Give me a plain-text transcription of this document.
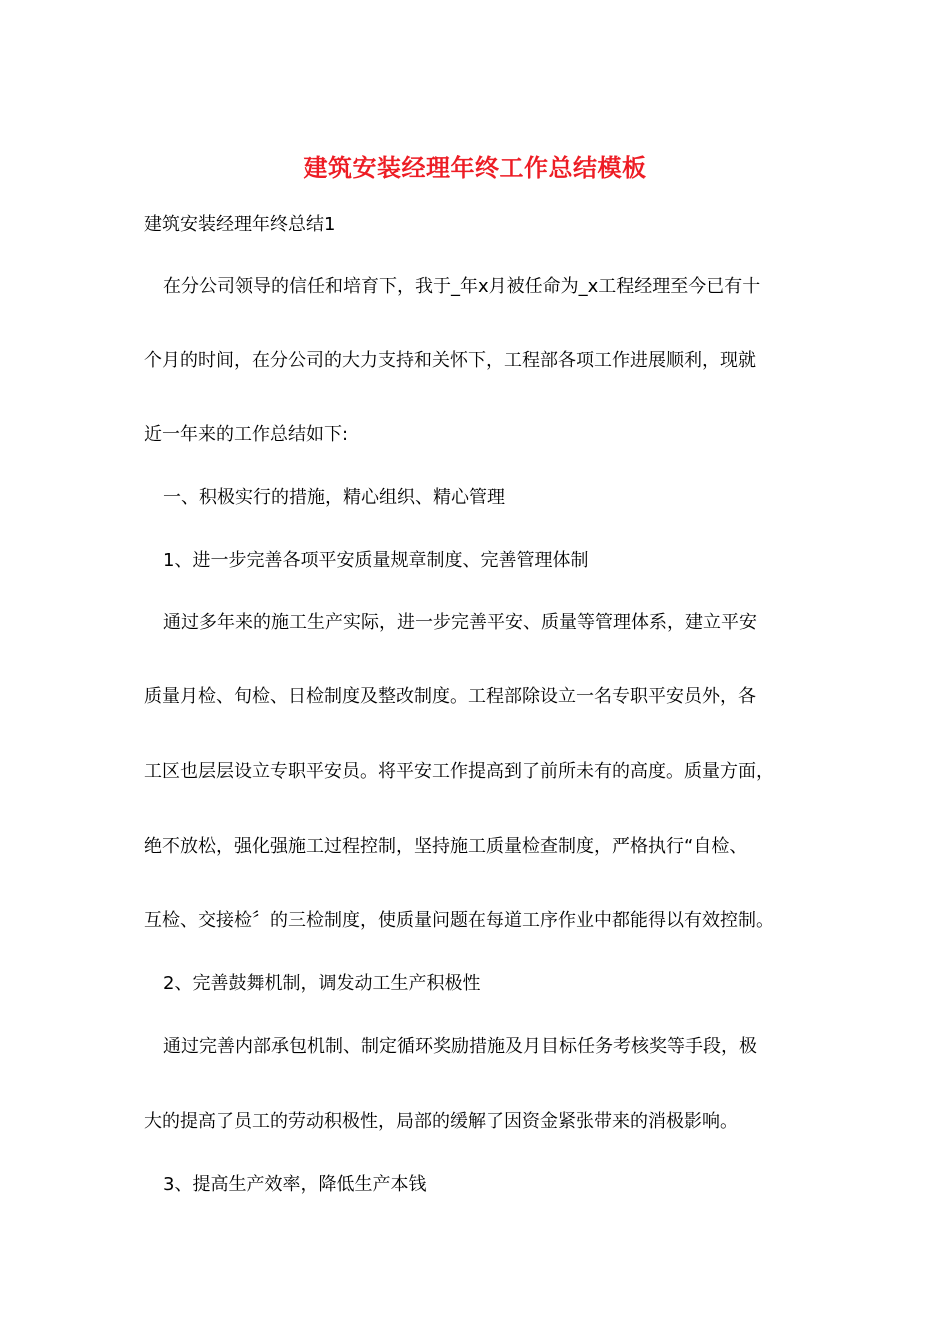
建筑安装经理年终工作总结模板

建筑安装经理年终总结1

在分公司领导的信任和培育下，我于_年x月被任命为_x工程经理至今已有十

个月的时间，在分公司的大力支持和关怀下，工程部各项工作进展顺利，现就

近一年来的工作总结如下:

一、积极实行的措施，精心组织、精心管理

1、进一步完善各项平安质量规章制度、完善管理体制

通过多年来的施工生产实际，进一步完善平安、质量等管理体系，建立平安

质量月检、旬检、日检制度及整改制度。工程部除设立一名专职平安员外，各

工区也层层设立专职平安员。将平安工作提高到了前所未有的高度。质量方面，

绝不放松，强化强施工过程控制，坚持施工质量检查制度，严格执行“自检、

互检、交接检〞的三检制度，使质量问题在每道工序作业中都能得以有效控制。

2、完善鼓舞机制，调发动工生产积极性

通过完善内部承包机制、制定循环奖励措施及月目标任务考核奖等手段，极

大的提高了员工的劳动积极性，局部的缓解了因资金紧张带来的消极影响。

3、提高生产效率，降低生产本钱
